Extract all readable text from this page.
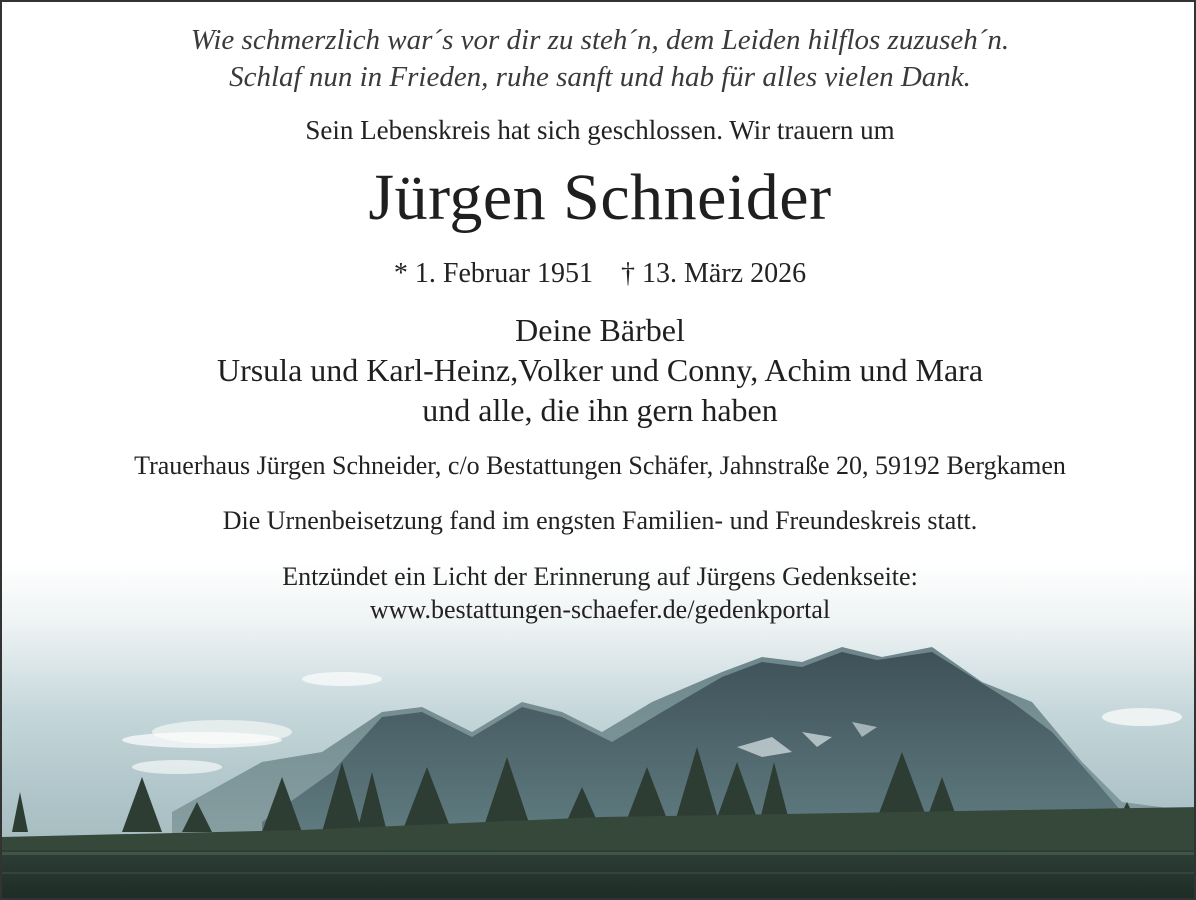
Wie schmerzlich war´s vor dir zu steh´n, dem Leiden hilflos zuzuseh´n.
Schlaf nun in Frieden, ruhe sanft und hab für alles vielen Dank.
Sein Lebenskreis hat sich geschlossen. Wir trauern um
Jürgen Schneider
* 1. Februar 1951 † 13. März 2026
Deine Bärbel
Ursula und Karl-Heinz,Volker und Conny, Achim und Mara
und alle, die ihn gern haben
Trauerhaus Jürgen Schneider, c/o Bestattungen Schäfer, Jahnstraße 20, 59192 Bergkamen
Die Urnenbeisetzung fand im engsten Familien- und Freundeskreis statt.
Entzündet ein Licht der Erinnerung auf Jürgens Gedenkseite:
www.bestattungen-schaefer.de/gedenkportal
